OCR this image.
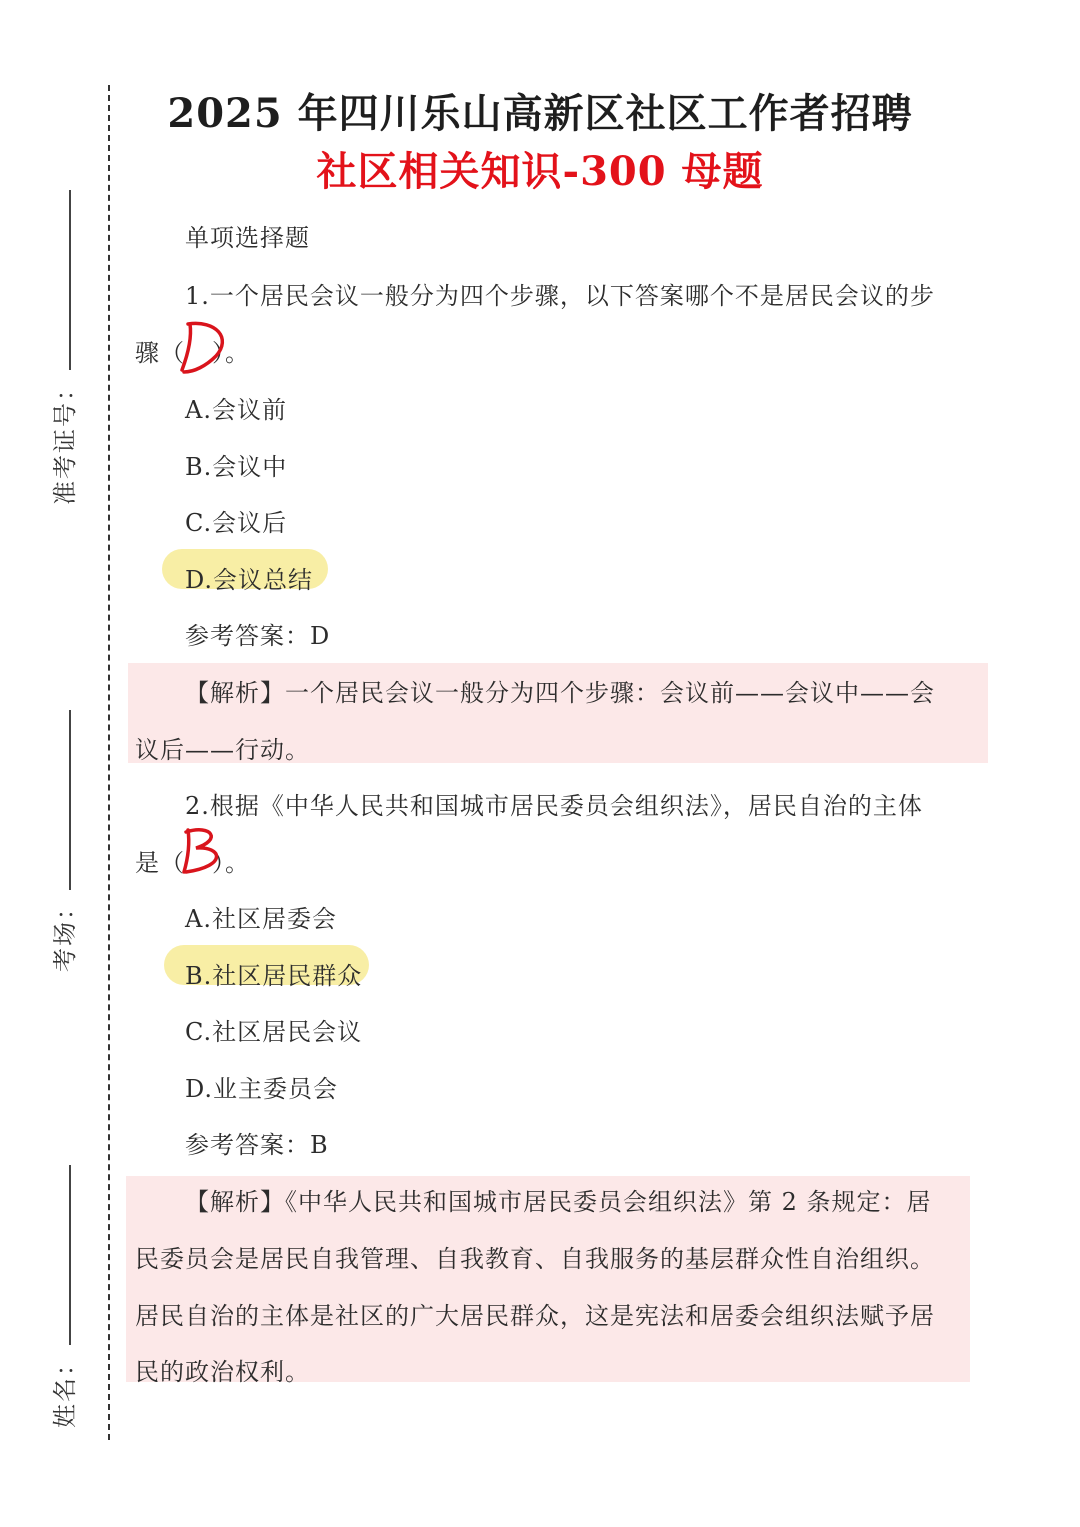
准考证号：
考场：
姓名：
2025 年四川乐山高新区社区工作者招聘
社区相关知识-300 母题
单项选择题
1.一个居民会议一般分为四个步骤，以下答案哪个不是居民会议的步
骤（ ）。
A.会议前
B.会议中
C.会议后
D.会议总结
参考答案：D
【解析】一个居民会议一般分为四个步骤：会议前——会议中——会
议后——行动。
2.根据《中华人民共和国城市居民委员会组织法》，居民自治的主体
是（ ）。
A.社区居委会
B.社区居民群众
C.社区居民会议
D.业主委员会
参考答案：B
【解析】《中华人民共和国城市居民委员会组织法》第 2 条规定：居
民委员会是居民自我管理、自我教育、自我服务的基层群众性自治组织。
居民自治的主体是社区的广大居民群众，这是宪法和居委会组织法赋予居
民的政治权利。
